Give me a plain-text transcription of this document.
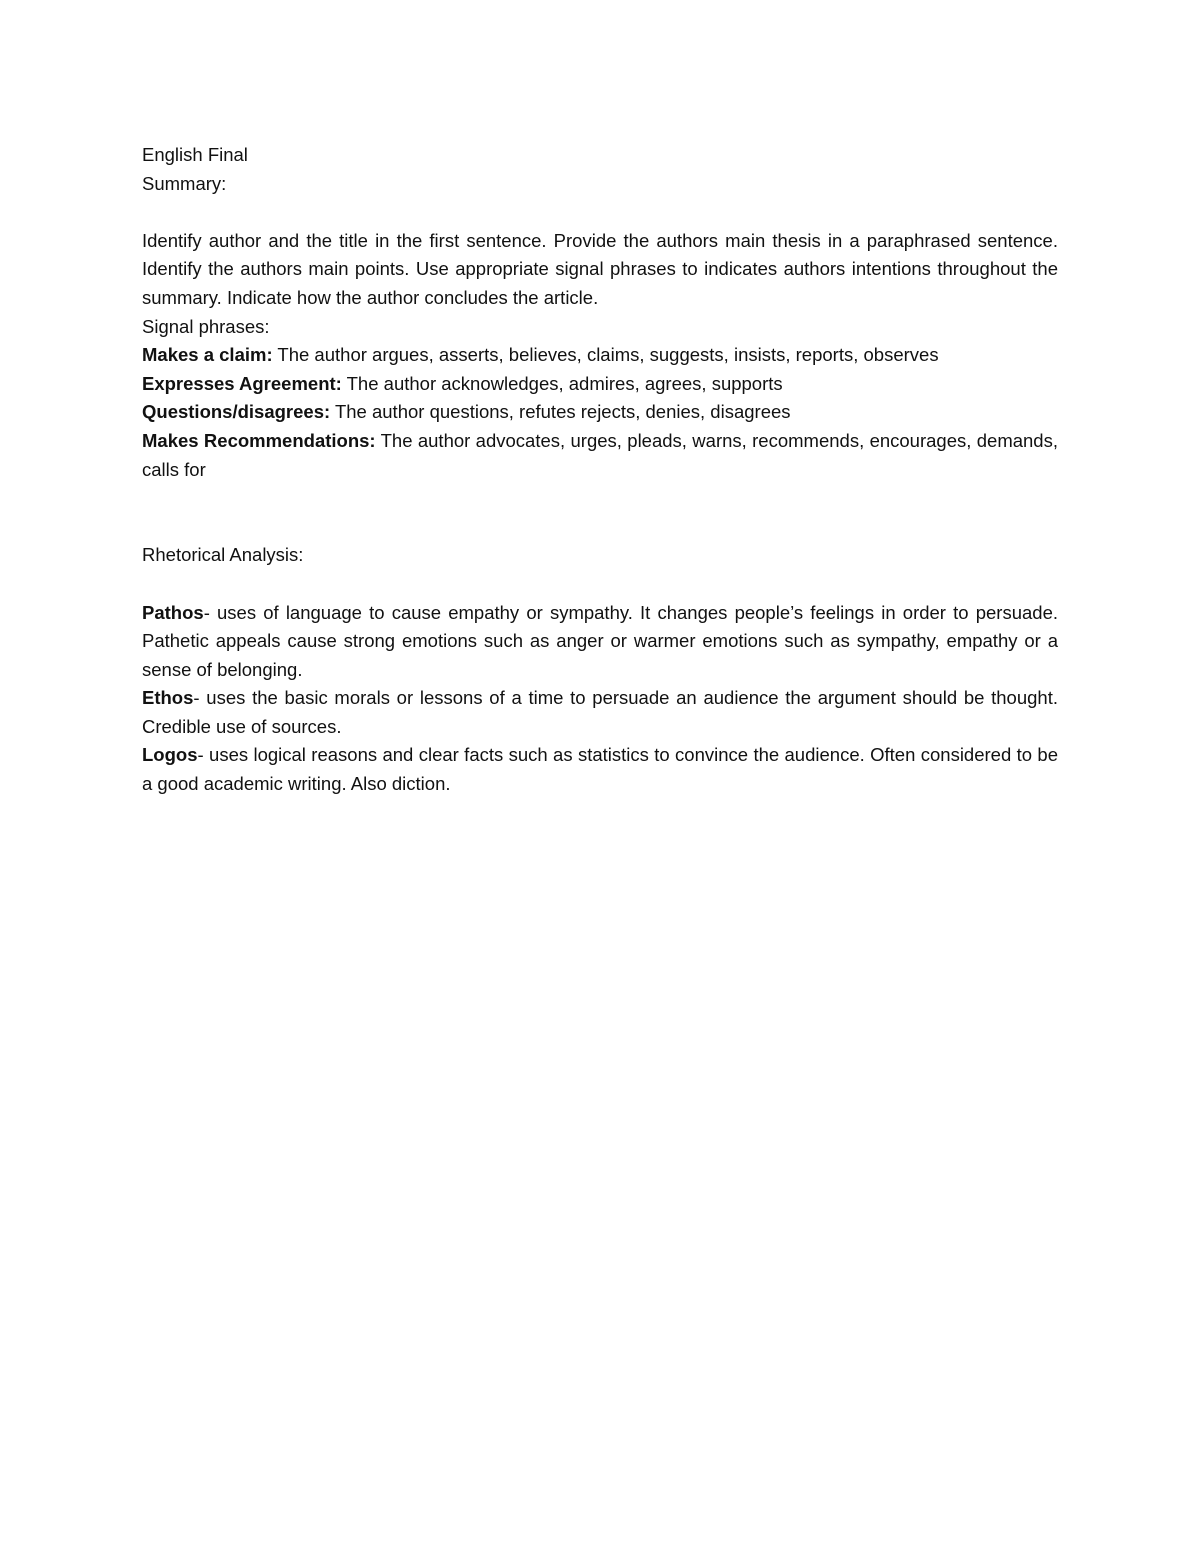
English Final

Summary:

Identify author and the title in the first sentence. Provide the authors main thesis in a paraphrased sentence. Identify the authors main points. Use appropriate signal phrases to indicates authors intentions throughout the summary. Indicate how the author concludes the article.

Signal phrases:

Makes a claim: The author argues, asserts, believes, claims, suggests, insists, reports, observes

Expresses Agreement: The author acknowledges, admires, agrees, supports

Questions/disagrees: The author questions, refutes rejects, denies, disagrees

Makes Recommendations: The author advocates, urges, pleads, warns, recommends, encourages, demands, calls for

Rhetorical Analysis:

Pathos- uses of language to cause empathy or sympathy. It changes people’s feelings in order to persuade. Pathetic appeals cause strong emotions such as anger or warmer emotions such as sympathy, empathy or a sense of belonging.

Ethos- uses the basic morals or lessons of a time to persuade an audience the argument should be thought. Credible use of sources.

Logos- uses logical reasons and clear facts such as statistics to convince the audience. Often considered to be a good academic writing. Also diction.
